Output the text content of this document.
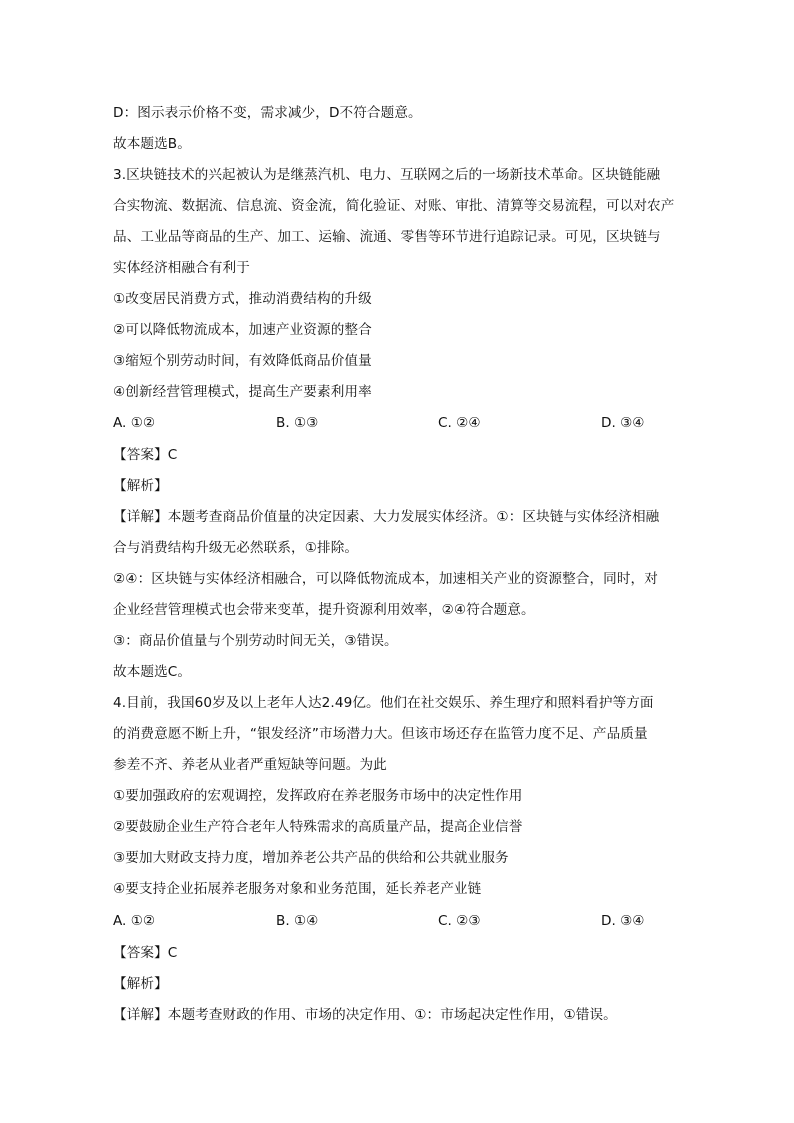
D：图示表示价格不变，需求减少，D不符合题意。
故本题选B。
3.区块链技术的兴起被认为是继蒸汽机、电力、互联网之后的一场新技术革命。区块链能融
合实物流、数据流、信息流、资金流，简化验证、对账、审批、清算等交易流程，可以对农产
品、工业品等商品的生产、加工、运输、流通、零售等环节进行追踪记录。可见，区块链与
实体经济相融合有利于
①改变居民消费方式，推动消费结构的升级
②可以降低物流成本，加速产业资源的整合
③缩短个别劳动时间，有效降低商品价值量
④创新经营管理模式，提高生产要素利用率
A. ①②	B. ①③	C. ②④	D. ③④
【答案】C
【解析】
【详解】本题考查商品价值量的决定因素、大力发展实体经济。①：区块链与实体经济相融
合与消费结构升级无必然联系，①排除。
②④：区块链与实体经济相融合，可以降低物流成本，加速相关产业的资源整合，同时，对
企业经营管理模式也会带来变革，提升资源利用效率，②④符合题意。
③：商品价值量与个别劳动时间无关，③错误。
故本题选C。
4.目前，我国60岁及以上老年人达2.49亿。他们在社交娱乐、养生理疗和照料看护等方面
的消费意愿不断上升，“银发经济”市场潜力大。但该市场还存在监管力度不足、产品质量
参差不齐、养老从业者严重短缺等问题。为此
①要加强政府的宏观调控，发挥政府在养老服务市场中的决定性作用
②要鼓励企业生产符合老年人特殊需求的高质量产品，提高企业信誉
③要加大财政支持力度，增加养老公共产品的供给和公共就业服务
④要支持企业拓展养老服务对象和业务范围，延长养老产业链
A. ①②	B. ①④	C. ②③	D. ③④
【答案】C
【解析】
【详解】本题考查财政的作用、市场的决定作用、①：市场起决定性作用，①错误。
